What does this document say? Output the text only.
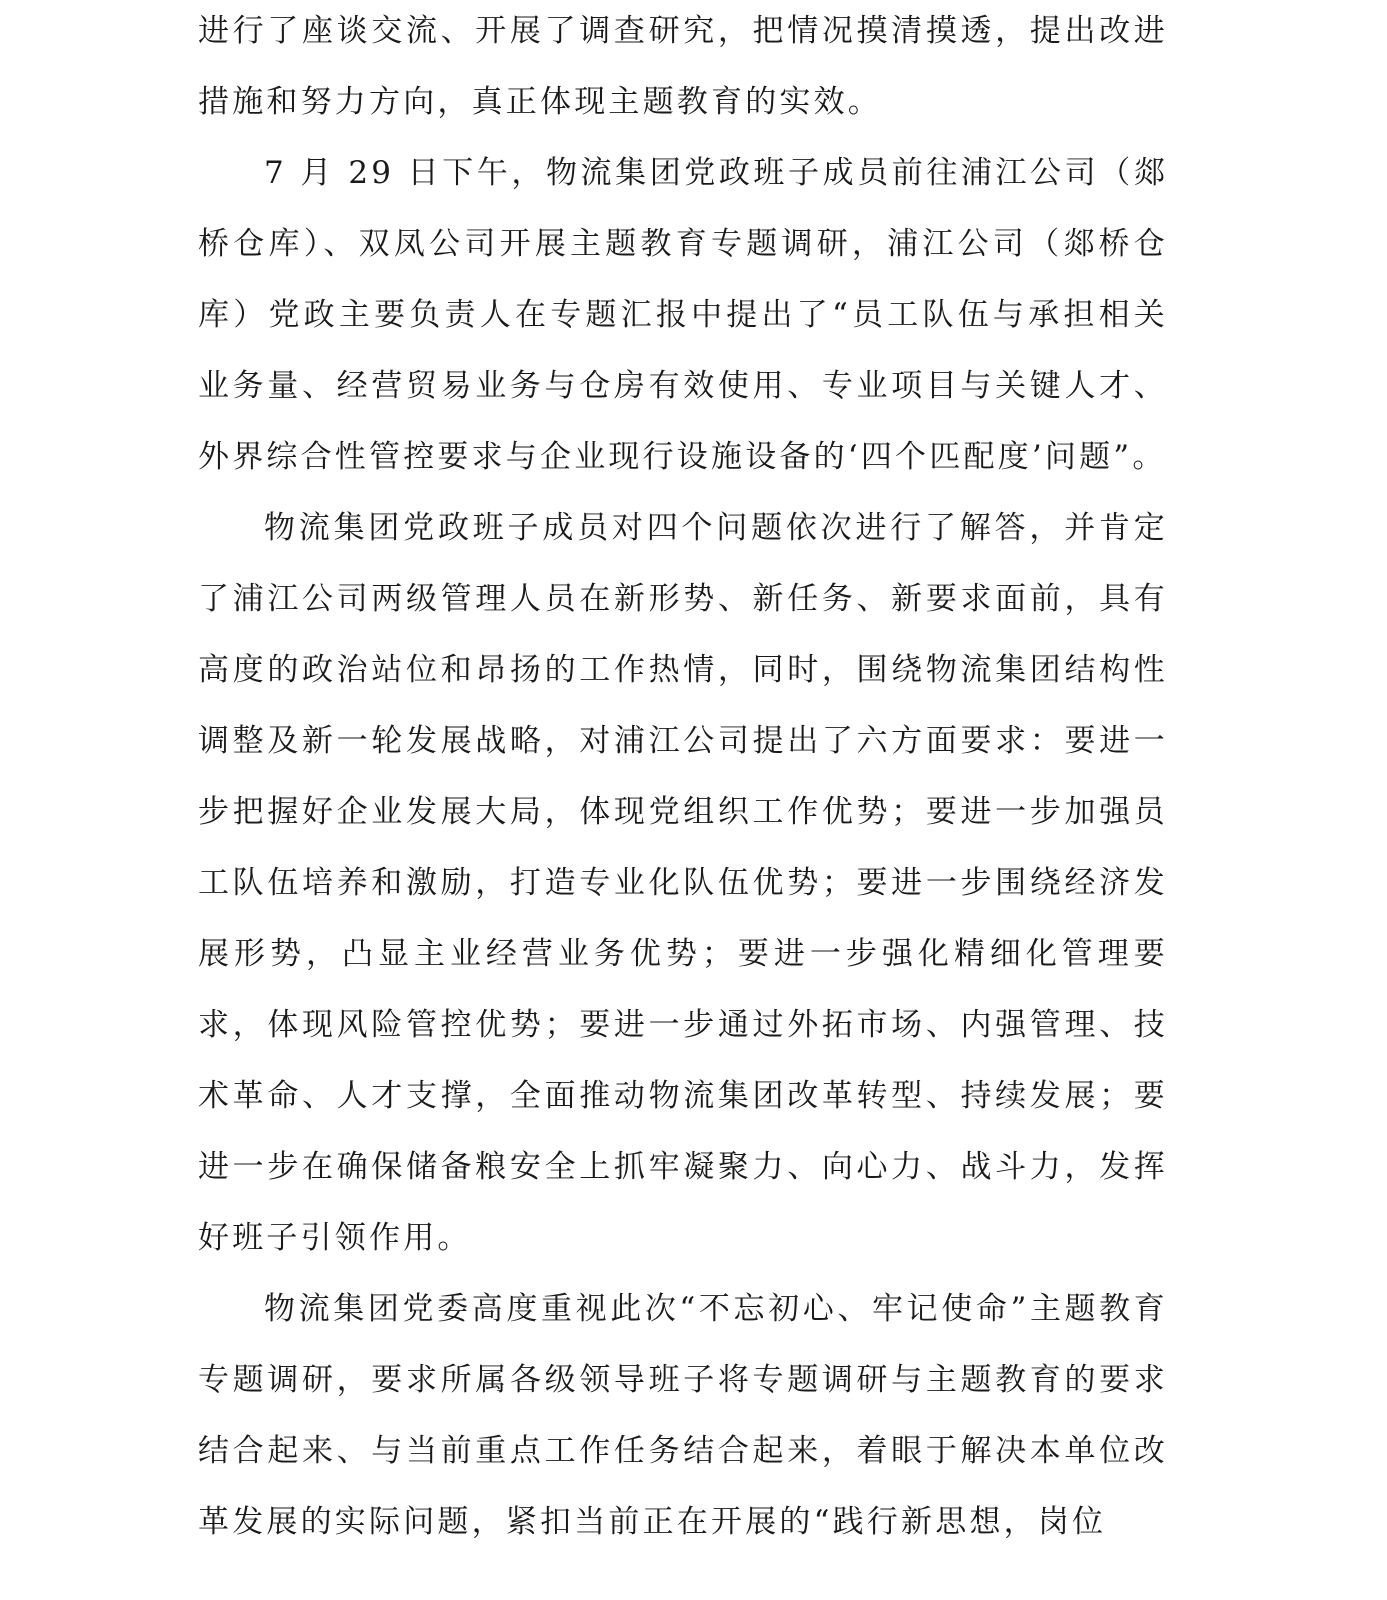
进行了座谈交流、开展了调查研究，把情况摸清摸透，提出改进措施和努力方向，真正体现主题教育的实效。

7 月 29 日下午，物流集团党政班子成员前往浦江公司（郯桥仓库）、双凤公司开展主题教育专题调研，浦江公司（郯桥仓库）党政主要负责人在专题汇报中提出了“员工队伍与承担相关业务量、经营贸易业务与仓房有效使用、专业项目与关键人才、外界综合性管控要求与企业现行设施设备的‘四个匹配度’问题”。

物流集团党政班子成员对四个问题依次进行了解答，并肯定了浦江公司两级管理人员在新形势、新任务、新要求面前，具有高度的政治站位和昂扬的工作热情，同时，围绕物流集团结构性调整及新一轮发展战略，对浦江公司提出了六方面要求：要进一步把握好企业发展大局，体现党组织工作优势；要进一步加强员工队伍培养和激励，打造专业化队伍优势；要进一步围绕经济发展形势，凸显主业经营业务优势；要进一步强化精细化管理要求，体现风险管控优势；要进一步通过外拓市场、内强管理、技术革命、人才支撑，全面推动物流集团改革转型、持续发展；要进一步在确保储备粮安全上抓牢凝聚力、向心力、战斗力，发挥好班子引领作用。

物流集团党委高度重视此次“不忘初心、牢记使命”主题教育专题调研，要求所属各级领导班子将专题调研与主题教育的要求结合起来、与当前重点工作任务结合起来，着眼于解决本单位改革发展的实际问题，紧扣当前正在开展的“践行新思想，岗位
